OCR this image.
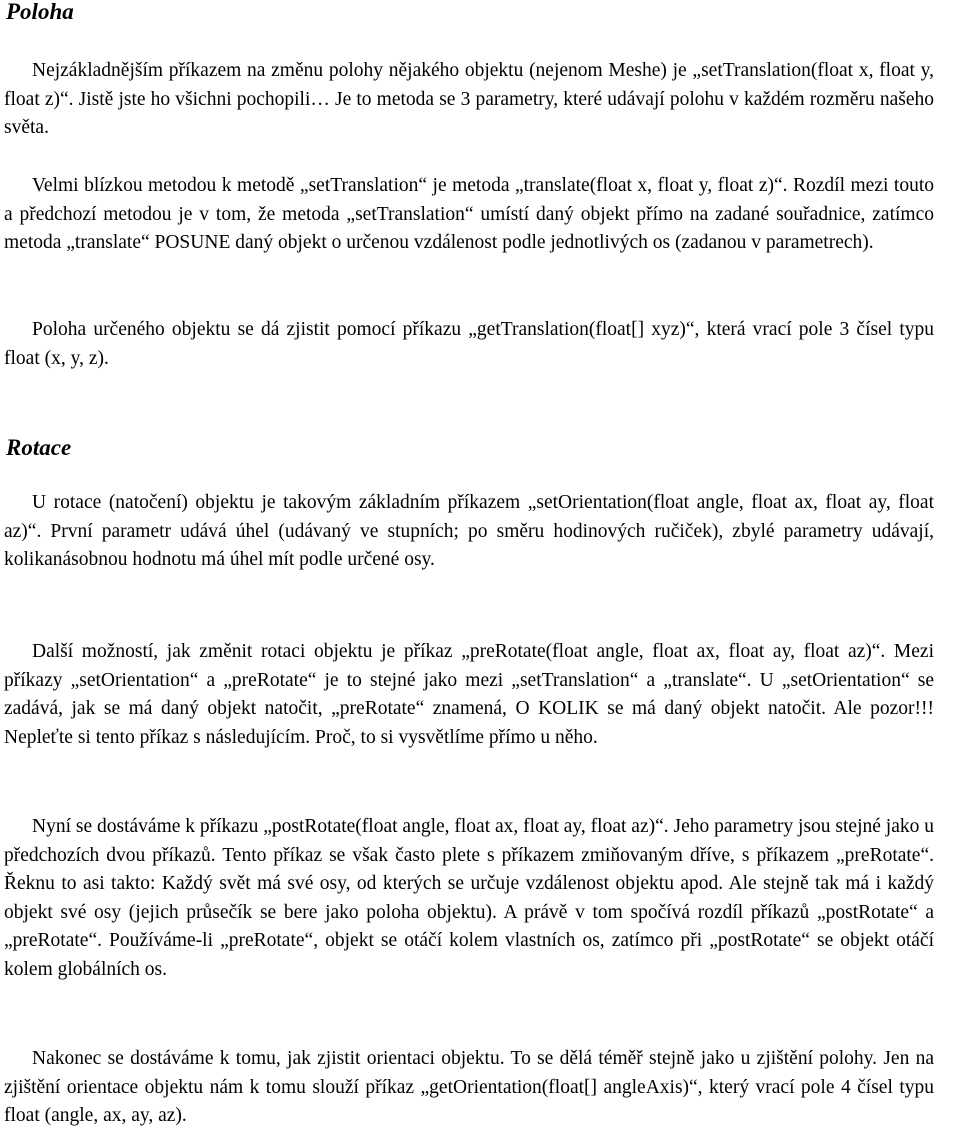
Poloha

Nejzákladnějším příkazem na změnu polohy nějakého objektu (nejenom Meshe) je „setTranslation(float x, float y, float z)“. Jistě jste ho všichni pochopili… Je to metoda se 3 parametry, které udávají polohu v každém rozměru našeho světa.

Velmi blízkou metodou k metodě „setTranslation“ je metoda „translate(float x, float y, float z)“. Rozdíl mezi touto a předchozí metodou je v tom, že metoda „setTranslation“ umístí daný objekt přímo na zadané souřadnice, zatímco metoda „translate“ POSUNE daný objekt o určenou vzdálenost podle jednotlivých os (zadanou v parametrech).

Poloha určeného objektu se dá zjistit pomocí příkazu „getTranslation(float[] xyz)“, která vrací pole 3 čísel typu float (x, y, z).

Rotace

U rotace (natočení) objektu je takovým základním příkazem „setOrientation(float angle, float ax, float ay, float az)“. První parametr udává úhel (udávaný ve stupních; po směru hodinových ručiček), zbylé parametry udávají, kolikanásobnou hodnotu má úhel mít podle určené osy.

Další možností, jak změnit rotaci objektu je příkaz „preRotate(float angle, float ax, float ay, float az)“. Mezi příkazy „setOrientation“ a „preRotate“ je to stejné jako mezi „setTranslation“ a „translate“. U „setOrientation“ se zadává, jak se má daný objekt natočit, „preRotate“ znamená, O KOLIK se má daný objekt natočit. Ale pozor!!! Nepleťte si tento příkaz s následujícím. Proč, to si vysvětlíme přímo u něho.

Nyní se dostáváme k příkazu „postRotate(float angle, float ax, float ay, float az)“. Jeho parametry jsou stejné jako u předchozích dvou příkazů. Tento příkaz se však často plete s příkazem zmiňovaným dříve, s příkazem „preRotate“. Řeknu to asi takto: Každý svět má své osy, od kterých se určuje vzdálenost objektu apod. Ale stejně tak má i každý objekt své osy (jejich průsečík se bere jako poloha objektu). A právě v tom spočívá rozdíl příkazů „postRotate“ a „preRotate“. Používáme-li „preRotate“, objekt se otáčí kolem vlastních os, zatímco při „postRotate“ se objekt otáčí kolem globálních os.

Nakonec se dostáváme k tomu, jak zjistit orientaci objektu. To se dělá téměř stejně jako u zjištění polohy. Jen na zjištění orientace objektu nám k tomu slouží příkaz „getOrientation(float[] angleAxis)“, který vrací pole 4 čísel typu float (angle, ax, ay, az).
